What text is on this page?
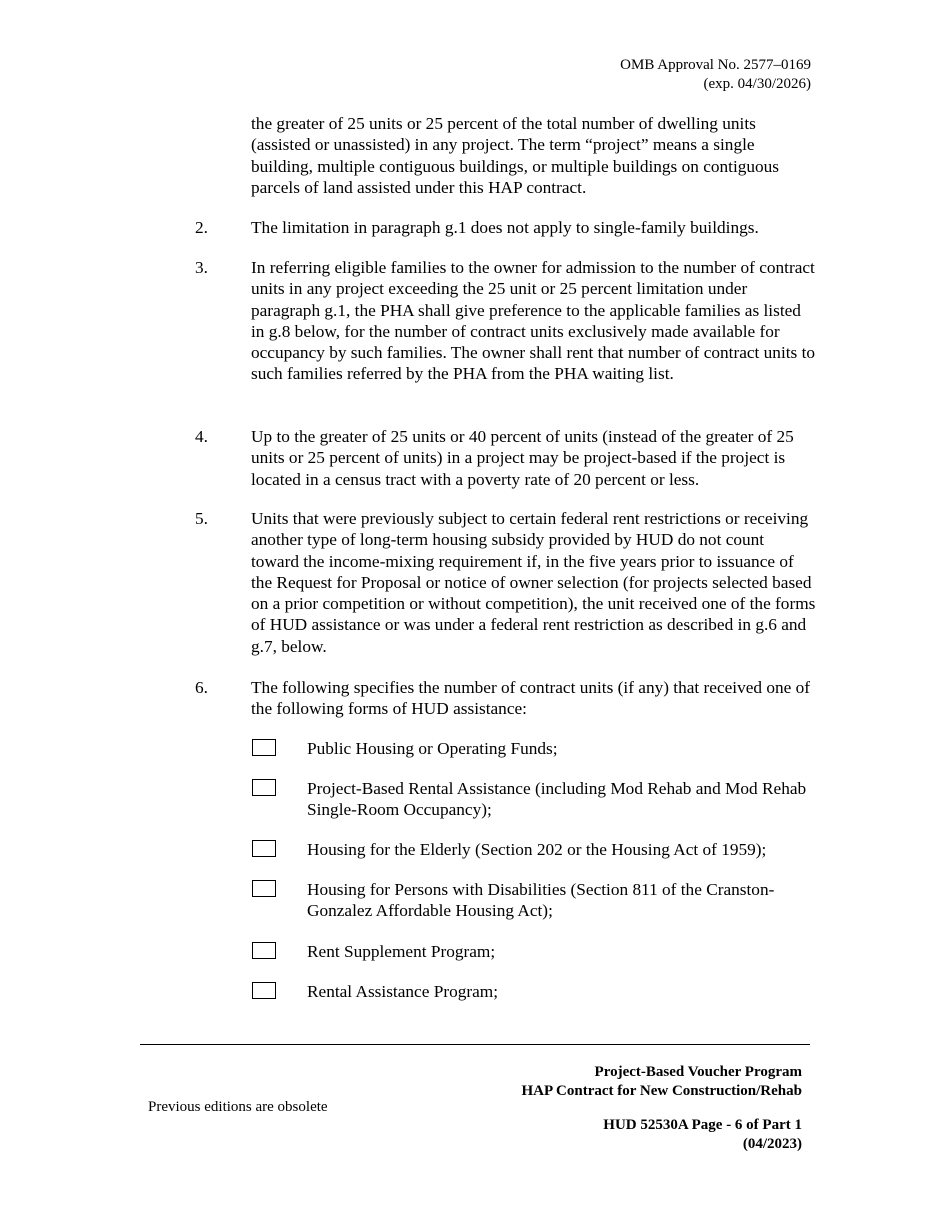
OMB Approval No. 2577–0169
(exp. 04/30/2026)
the greater of 25 units or 25 percent of the total number of dwelling units (assisted or unassisted) in any project. The term “project” means a single building, multiple contiguous buildings, or multiple buildings on contiguous parcels of land assisted under this HAP contract.
2. The limitation in paragraph g.1 does not apply to single-family buildings.
3. In referring eligible families to the owner for admission to the number of contract units in any project exceeding the 25 unit or 25 percent limitation under paragraph g.1, the PHA shall give preference to the applicable families as listed in g.8 below, for the number of contract units exclusively made available for occupancy by such families. The owner shall rent that number of contract units to such families referred by the PHA from the PHA waiting list.
4. Up to the greater of 25 units or 40 percent of units (instead of the greater of 25 units or 25 percent of units) in a project may be project-based if the project is located in a census tract with a poverty rate of 20 percent or less.
5. Units that were previously subject to certain federal rent restrictions or receiving another type of long-term housing subsidy provided by HUD do not count toward the income-mixing requirement if, in the five years prior to issuance of the Request for Proposal or notice of owner selection (for projects selected based on a prior competition or without competition), the unit received one of the forms of HUD assistance or was under a federal rent restriction as described in g.6 and g.7, below.
6. The following specifies the number of contract units (if any) that received one of the following forms of HUD assistance:
Public Housing or Operating Funds;
Project-Based Rental Assistance (including Mod Rehab and Mod Rehab Single-Room Occupancy);
Housing for the Elderly (Section 202 or the Housing Act of 1959);
Housing for Persons with Disabilities (Section 811 of the Cranston-Gonzalez Affordable Housing Act);
Rent Supplement Program;
Rental Assistance Program;
Project-Based Voucher Program
HAP Contract for New Construction/Rehab
Previous editions are obsolete
HUD 52530A Page - 6 of Part 1
(04/2023)
